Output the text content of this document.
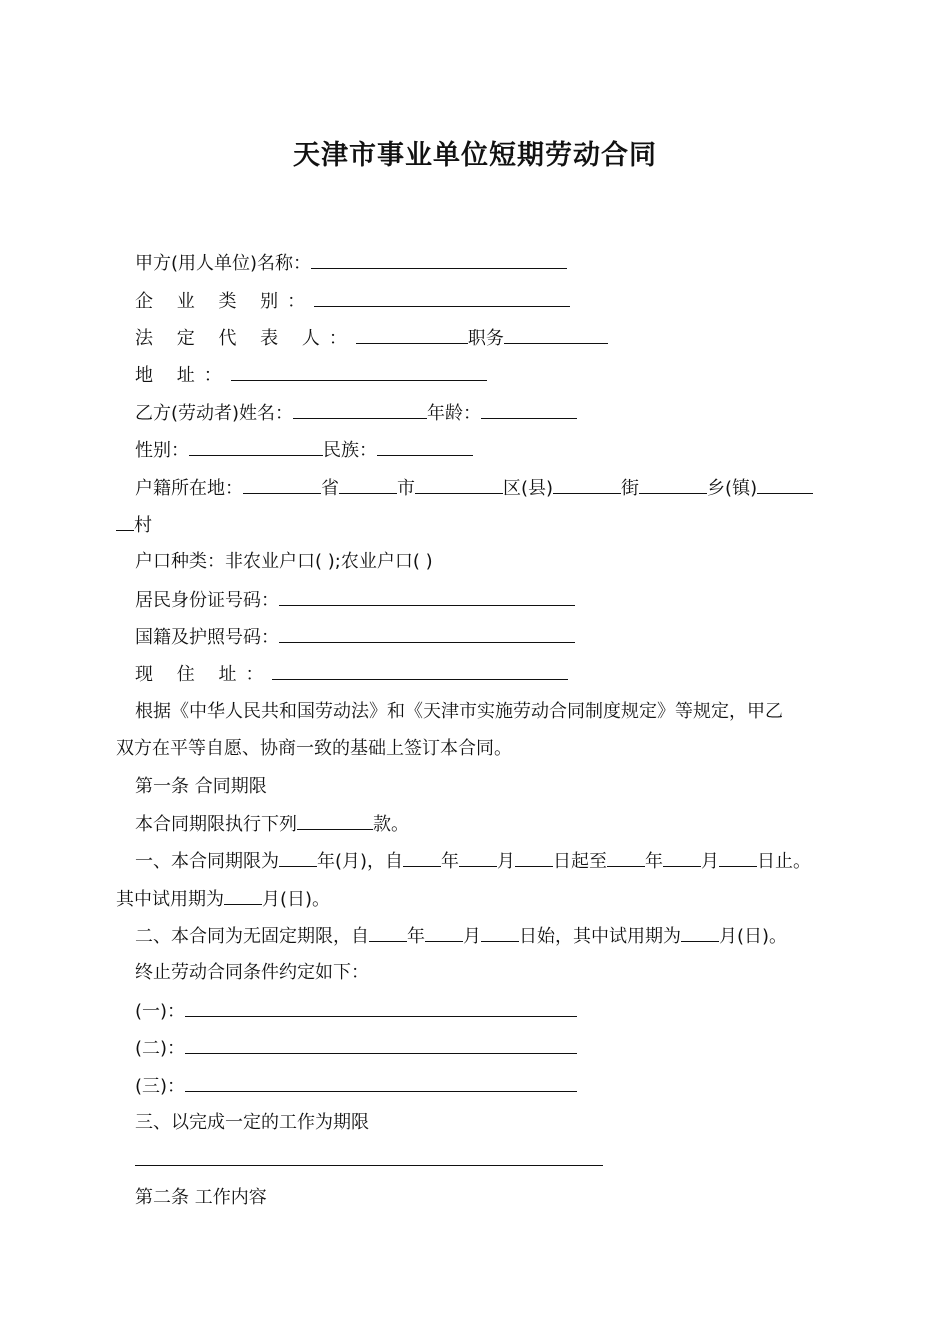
天津市事业单位短期劳动合同
甲方(用人单位)名称：
企 业 类 别：
法 定 代 表 人：	职务
地 址：
乙方(劳动者)姓名：	年龄：
性别：	民族：
户籍所在地：	省	市	区(县)	街	乡(镇)
村
户口种类：非农业户口( );农业户口( )
居民身份证号码：
国籍及护照号码：
现 住 址：
根据《中华人民共和国劳动法》和《天津市实施劳动合同制度规定》等规定，甲乙
双方在平等自愿、协商一致的基础上签订本合同。
第一条 合同期限
本合同期限执行下列	款。
一、本合同期限为 年(月)，自 年 月 日起至 年 月 日止。
其中试用期为 月(日)。
二、本合同为无固定期限，自 年 月 日始，其中试用期为 月(日)。
终止劳动合同条件约定如下：
(一)：
(二)：
(三)：
三、以完成一定的工作为期限
第二条 工作内容
